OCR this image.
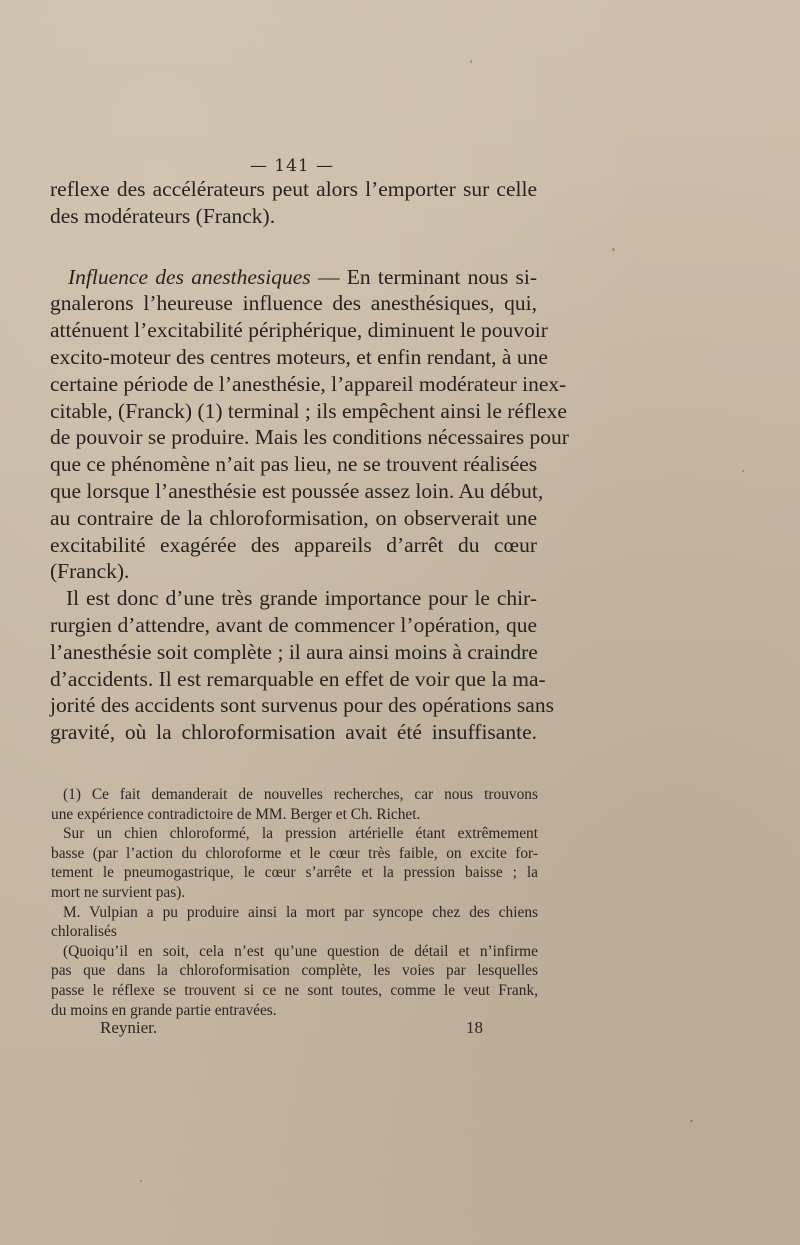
— 141 —

reflexe des accélérateurs peut alors l’emporter sur celle
des modérateurs (Franck).

Influence des anesthesiques — En terminant nous si-
gnalerons l’heureuse influence des anesthésiques, qui,
atténuent l’excitabilité périphérique, diminuent le pouvoir
excito-moteur des centres moteurs, et enfin rendant, à une
certaine période de l’anesthésie, l’appareil modérateur inex-
citable, (Franck) (1) terminal ; ils empêchent ainsi le réflexe
de pouvoir se produire. Mais les conditions nécessaires pour
que ce phénomène n’ait pas lieu, ne se trouvent réalisées
que lorsque l’anesthésie est poussée assez loin. Au début,
au contraire de la chloroformisation, on observerait une
excitabilité exagérée des appareils d’arrêt du cœur
(Franck).

Il est donc d’une très grande importance pour le chir-
rurgien d’attendre, avant de commencer l’opération, que
l’anesthésie soit complète ; il aura ainsi moins à craindre
d’accidents. Il est remarquable en effet de voir que la ma-
jorité des accidents sont survenus pour des opérations sans
gravité, où la chloroformisation avait été insuffisante.

(1) Ce fait demanderait de nouvelles recherches, car nous trouvons
une expérience contradictoire de MM. Berger et Ch. Richet.

Sur un chien chloroformé, la pression artérielle étant extrêmement
basse (par l’action du chloroforme et le cœur très faible, on excite for-
tement le pneumogastrique, le cœur s’arrête et la pression baisse ; la
mort ne survient pas).

M. Vulpian a pu produire ainsi la mort par syncope chez des chiens
chloralisés

(Quoiqu’il en soit, cela n’est qu’une question de détail et n’infirme
pas que dans la chloroformisation complète, les voies par lesquelles
passe le réflexe se trouvent si ce ne sont toutes, comme le veut Frank,
du moins en grande partie entravées.

Reynier.	18
